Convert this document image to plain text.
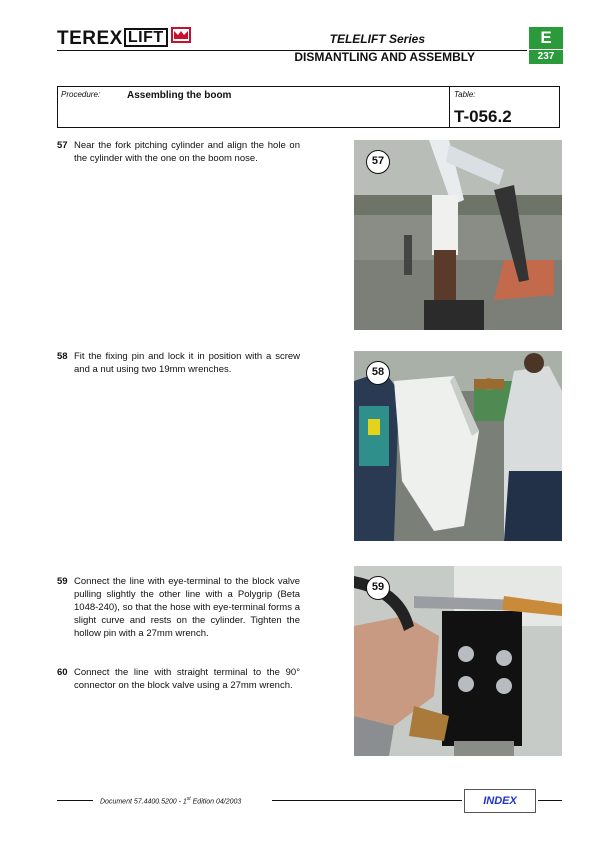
TEREX LIFT	TELELIFT Series
DISMANTLING AND ASSEMBLY
E
237
Procedure:	Assembling the boom	Table:
T-056.2
57 Near the fork pitching cylinder and align the hole on the cylinder with the one on the boom nose.
58 Fit the fixing pin and lock it in position with a screw and a nut using two 19mm wrenches.
59 Connect the line with eye-terminal to the block valve pulling slightly the other line with a Polygrip (Beta 1048-240), so that the hose with eye-terminal forms a slight curve and rests on the cylinder. Tighten the hollow pin with a 27mm wrench.
60 Connect the line with straight terminal to the 90° connector on the block valve using a 27mm wrench.
57
58
59
Document 57.4400.5200 - 1st Edition 04/2003	INDEX
